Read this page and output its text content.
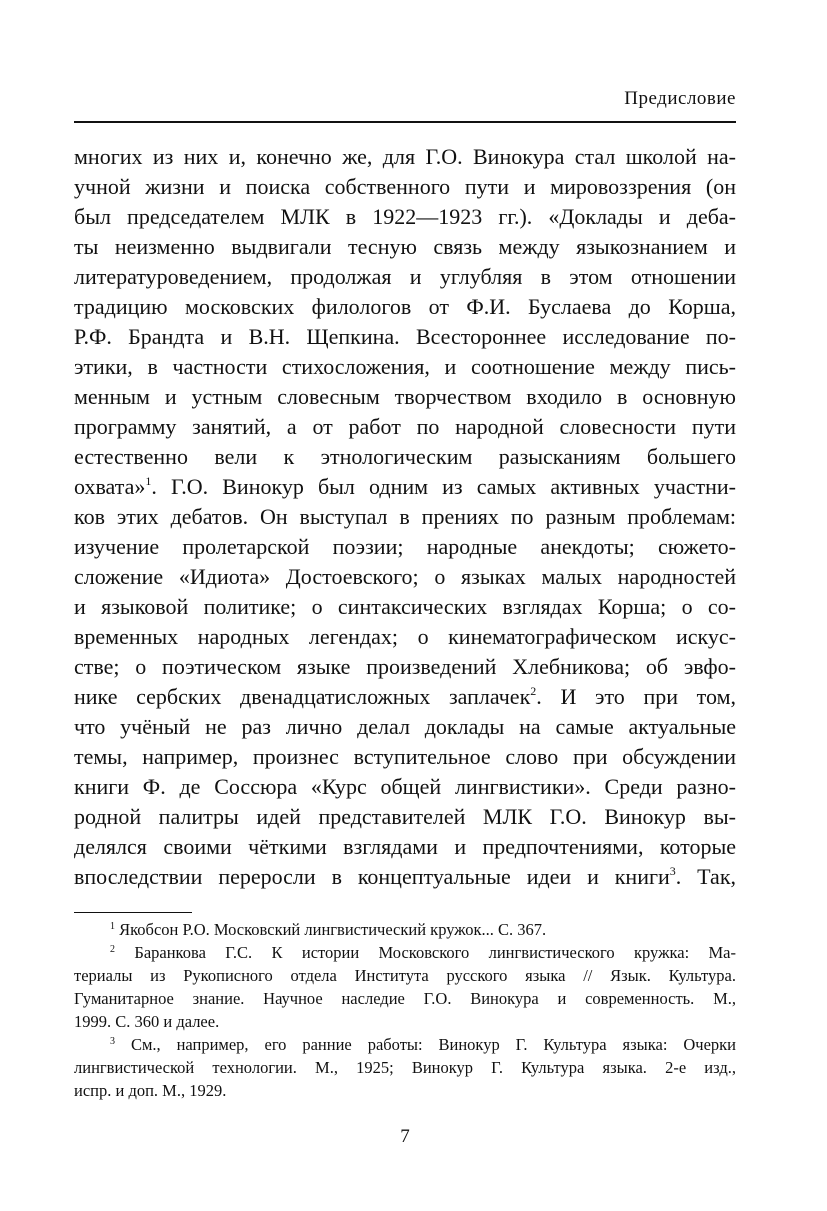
Предисловие
многих из них и, конечно же, для Г.О. Винокура стал школой на-
учной жизни и поиска собственного пути и мировоззрения (он
был председателем МЛК в 1922—1923 гг.). «Доклады и деба-
ты неизменно выдвигали тесную связь между языкознанием и
литературоведением, продолжая и углубляя в этом отношении
традицию московских филологов от Ф.И. Буслаева до Корша,
Р.Ф. Брандта и В.Н. Щепкина. Всестороннее исследование по-
этики, в частности стихосложения, и соотношение между пись-
менным и устным словесным творчеством входило в основную
программу занятий, а от работ по народной словесности пути
естественно вели к этнологическим разысканиям большего
охвата»$^1$. Г.О. Винокур был одним из самых активных участни-
ков этих дебатов. Он выступал в прениях по разным проблемам:
изучение пролетарской поэзии; народные анекдоты; сюжето-
сложение «Идиота» Достоевского; о языках малых народностей
и языковой политике; о синтаксических взглядах Корша; о со-
временных народных легендах; о кинематографическом искус-
стве; о поэтическом языке произведений Хлебникова; об эвфо-
нике сербских двенадцатисложных заплачек$^2$. И это при том,
что учёный не раз лично делал доклады на самые актуальные
темы, например, произнес вступительное слово при обсуждении
книги Ф. де Соссюра «Курс общей лингвистики». Среди разно-
родной палитры идей представителей МЛК Г.О. Винокур вы-
делялся своими чёткими взглядами и предпочтениями, которые
впоследствии переросли в концептуальные идеи и книги$^3$. Так,
$^1$ Якобсон Р.О. Московский лингвистический кружок... С. 367.
$^2$ Баранкова Г.С. К истории Московского лингвистического кружка: Ма-
териалы из Рукописного отдела Института русского языка // Язык. Культура.
Гуманитарное знание. Научное наследие Г.О. Винокура и современность. М.,
1999. С. 360 и далее.
$^3$ См., например, его ранние работы: Винокур Г. Культура языка: Очерки
лингвистической технологии. М., 1925; Винокур Г. Культура языка. 2-е изд.,
испр. и доп. М., 1929.
7
